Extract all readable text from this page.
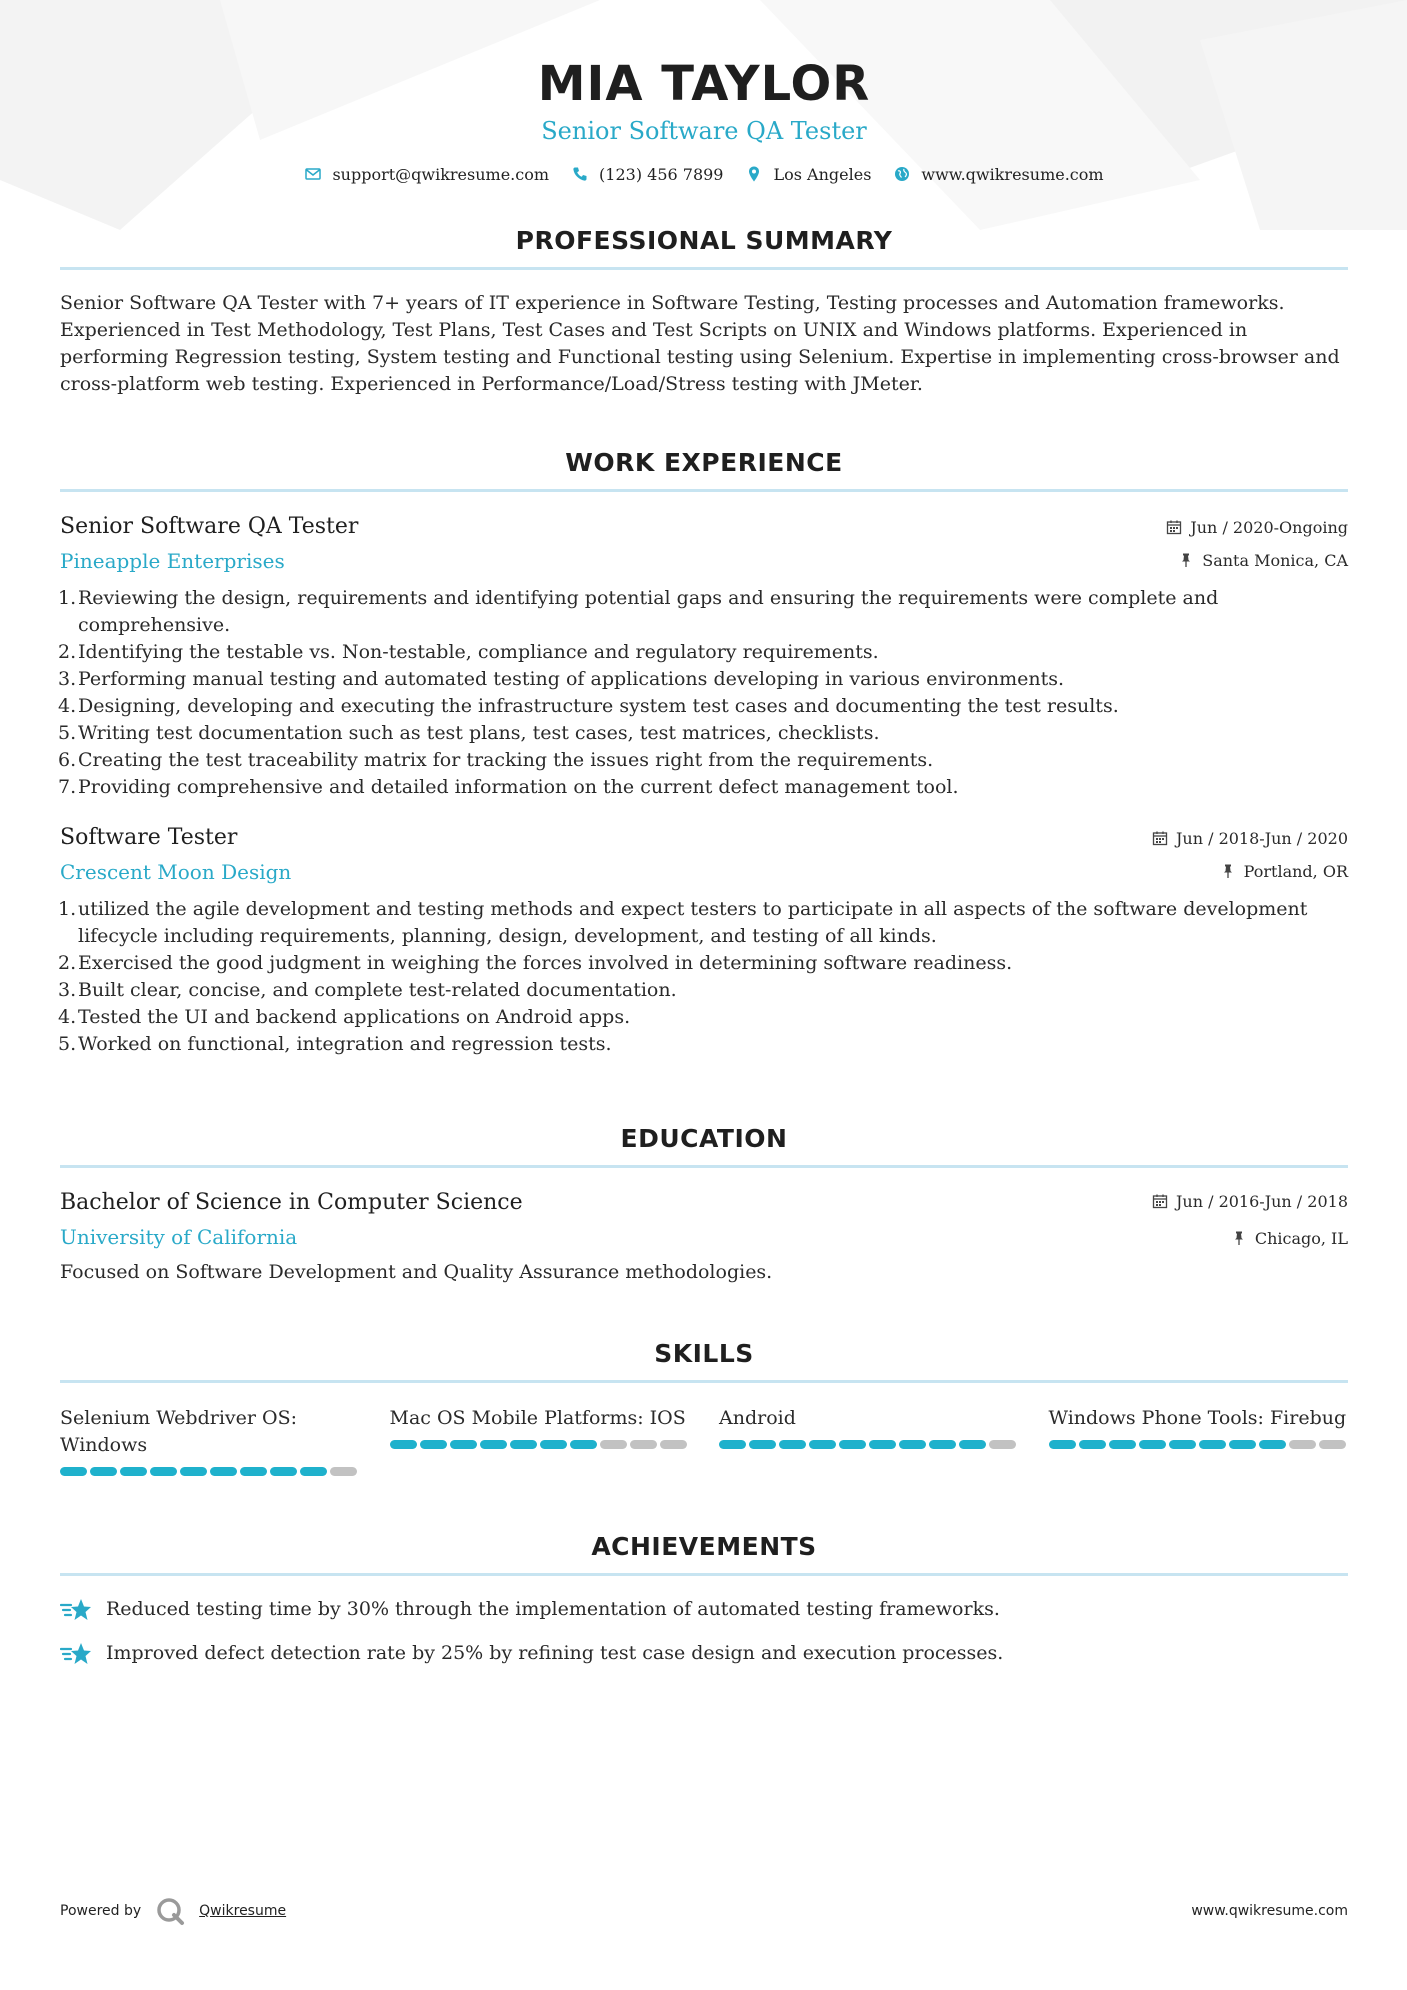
MIA TAYLOR
Senior Software QA Tester
support@qwikresume.com	(123) 456 7899	Los Angeles	www.qwikresume.com
PROFESSIONAL SUMMARY

Senior Software QA Tester with 7+ years of IT experience in Software Testing, Testing processes and Automation frameworks. Experienced in Test Methodology, Test Plans, Test Cases and Test Scripts on UNIX and Windows platforms. Experienced in performing Regression testing, System testing and Functional testing using Selenium. Expertise in implementing cross-browser and cross-platform web testing. Experienced in Performance/Load/Stress testing with JMeter.

WORK EXPERIENCE
Senior Software QA Tester
Pineapple Enterprises
Jun / 2020-Ongoing
Santa Monica, CA
1. Reviewing the design, requirements and identifying potential gaps and ensuring the requirements were complete and comprehensive.
2. Identifying the testable vs. Non-testable, compliance and regulatory requirements.
3. Performing manual testing and automated testing of applications developing in various environments.
4. Designing, developing and executing the infrastructure system test cases and documenting the test results.
5. Writing test documentation such as test plans, test cases, test matrices, checklists.
6. Creating the test traceability matrix for tracking the issues right from the requirements.
7. Providing comprehensive and detailed information on the current defect management tool.
Software Tester
Crescent Moon Design
Jun / 2018-Jun / 2020
Portland, OR
1. utilized the agile development and testing methods and expect testers to participate in all aspects of the software development lifecycle including requirements, planning, design, development, and testing of all kinds.
2. Exercised the good judgment in weighing the forces involved in determining software readiness.
3. Built clear, concise, and complete test-related documentation.
4. Tested the UI and backend applications on Android apps.
5. Worked on functional, integration and regression tests.
EDUCATION
Bachelor of Science in Computer Science
University of California
Jun / 2016-Jun / 2018
Chicago, IL

Focused on Software Development and Quality Assurance methodologies.

SKILLS
Selenium Webdriver OS: Windows
Mac OS Mobile Platforms: IOS Android	Windows Phone Tools: Firebug
ACHIEVEMENTS
Reduced testing time by 30% through the implementation of automated testing frameworks.
Improved defect detection rate by 25% by refining test case design and execution processes.
Powered by	Qwikresume	www.qwikresume.com
